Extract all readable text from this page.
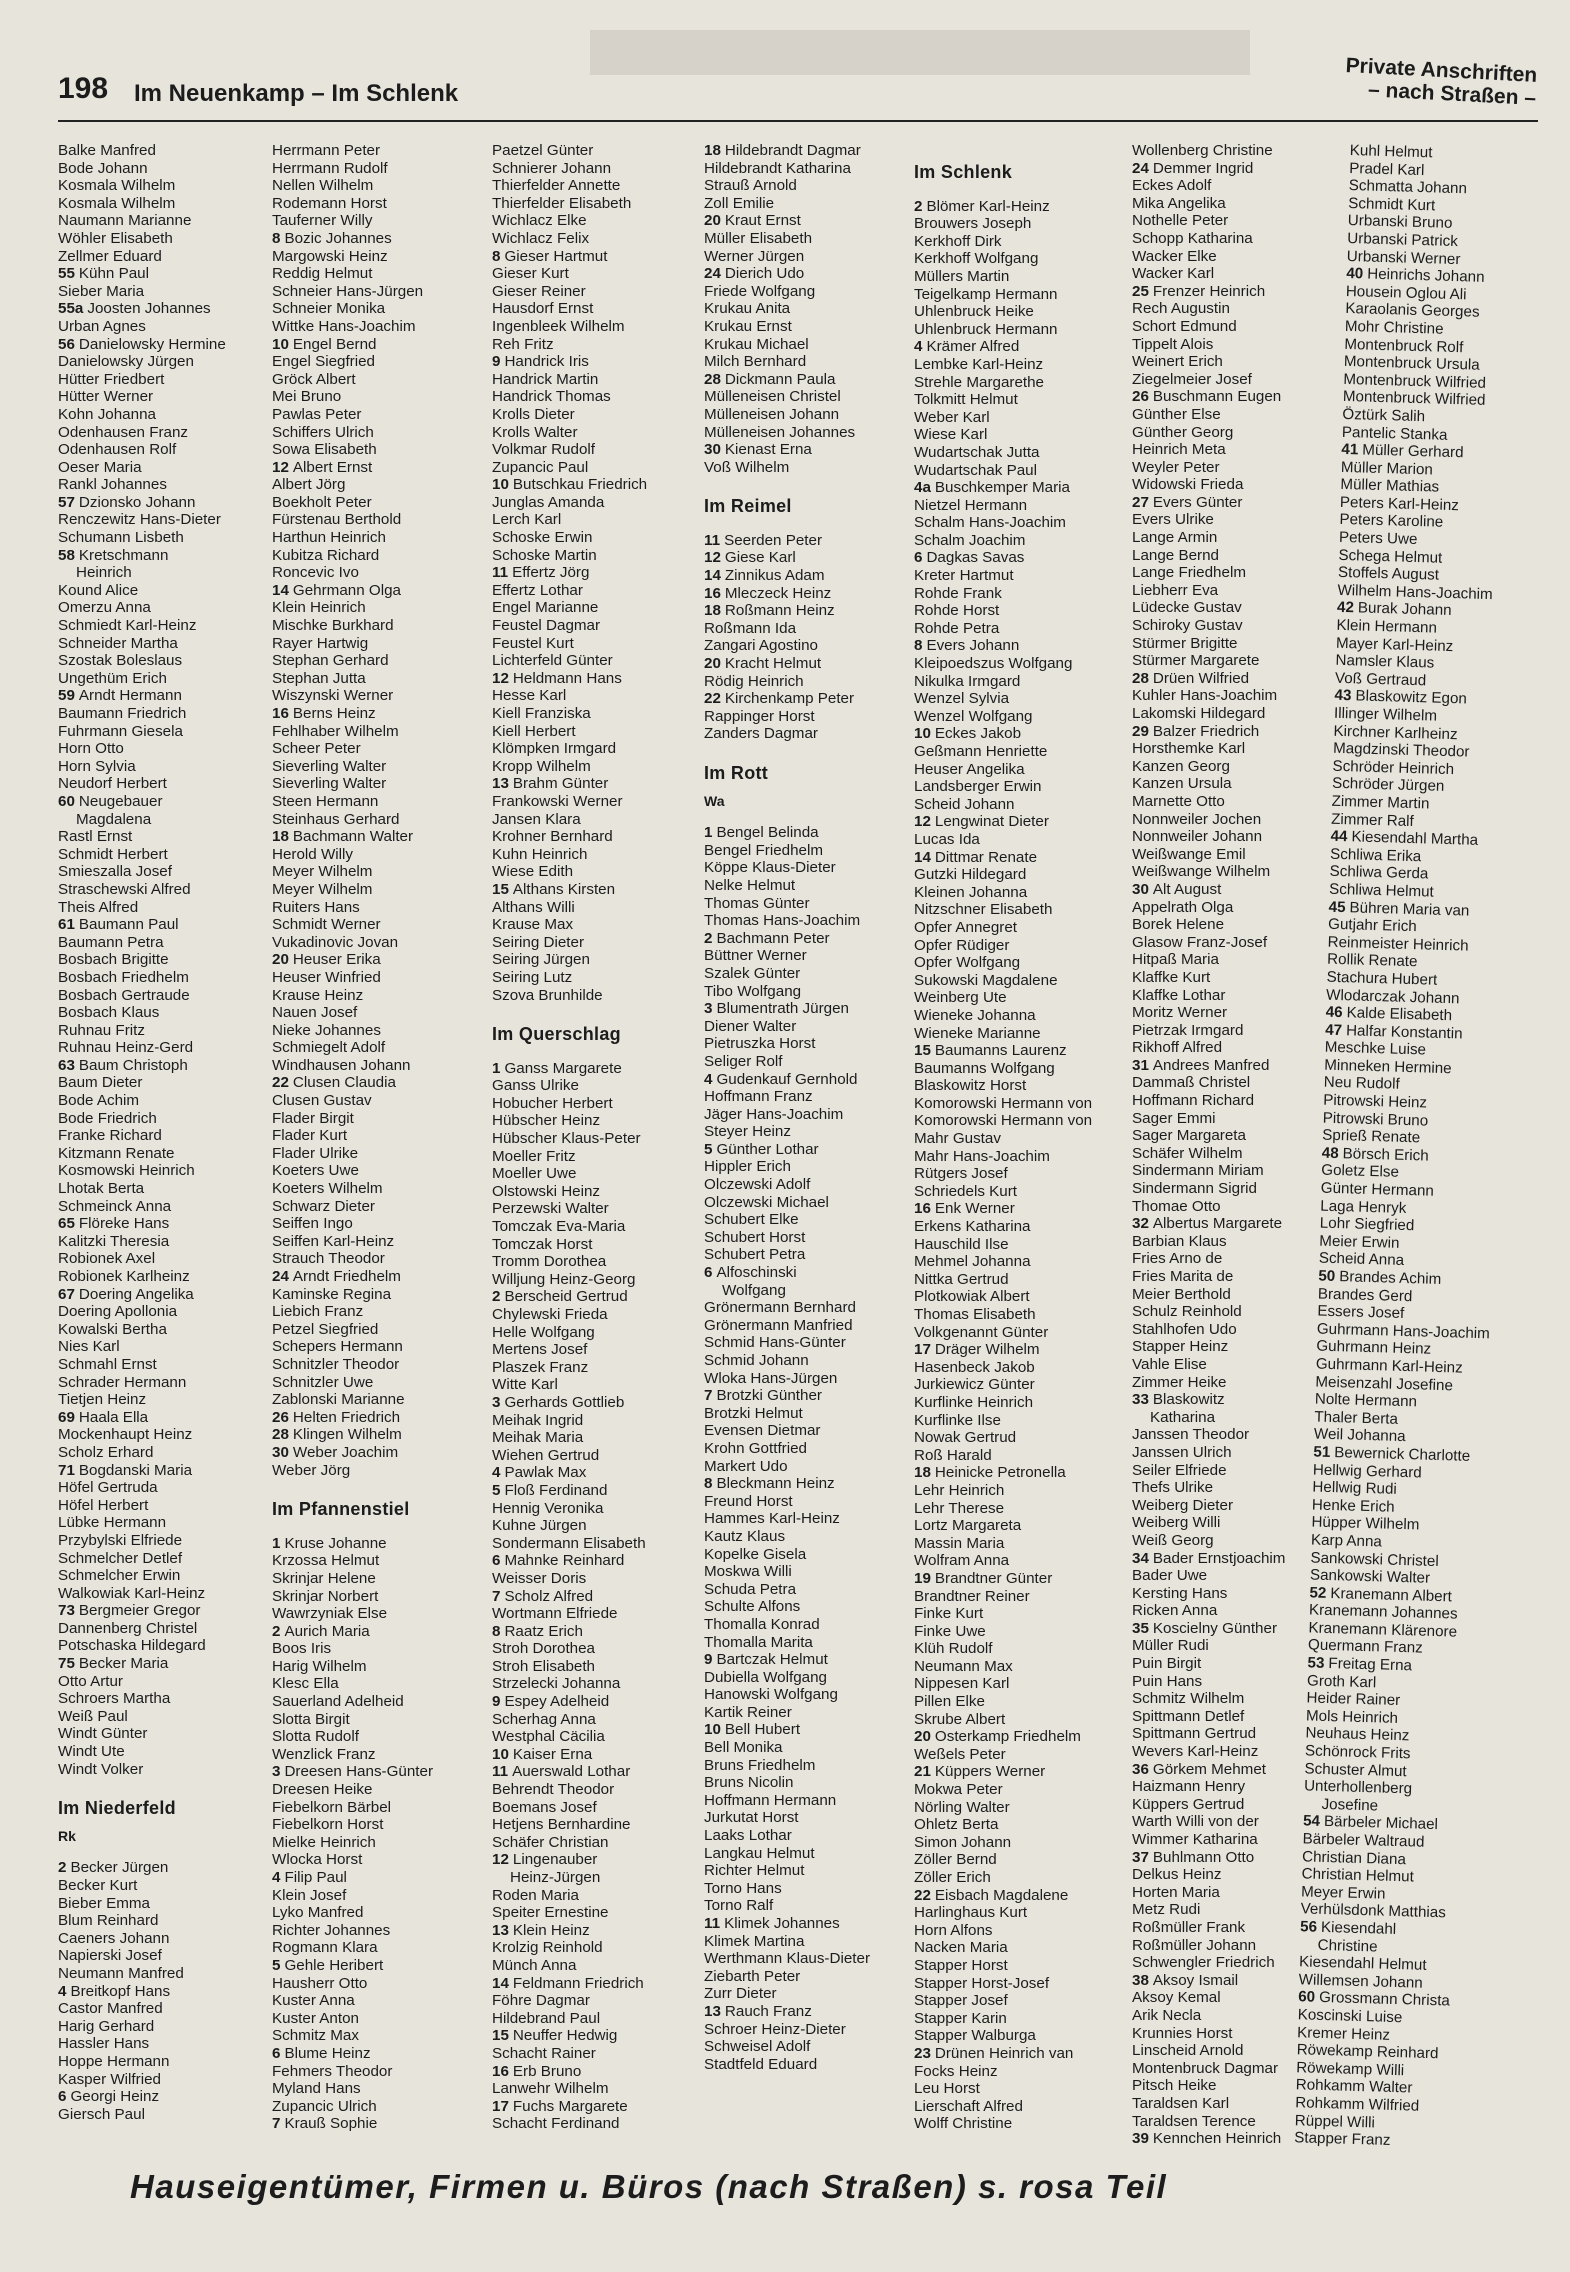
198 Im Neuenkamp – Im Schlenk
Private Anschriften
– nach Straßen –
Balke Manfred
Bode Johann
Kosmala Wilhelm
Kosmala Wilhelm
Naumann Marianne
Wöhler Elisabeth
Zellmer Eduard
55 Kühn Paul
Sieber Maria
55a Joosten Johannes
Urban Agnes
56 Danielowsky Hermine
Danielowsky Jürgen
Hütter Friedbert
Hütter Werner
Kohn Johanna
Odenhausen Franz
Odenhausen Rolf
Oeser Maria
Rankl Johannes
57 Dzionsko Johann
Renczewitz Hans-Dieter
Schumann Lisbeth
58 Kretschmann
Heinrich
Kound Alice
Omerzu Anna
Schmiedt Karl-Heinz
Schneider Martha
Szostak Boleslaus
Ungethüm Erich
59 Arndt Hermann
Baumann Friedrich
Fuhrmann Giesela
Horn Otto
Horn Sylvia
Neudorf Herbert
60 Neugebauer
Magdalena
Rastl Ernst
Schmidt Herbert
Smieszalla Josef
Straschewski Alfred
Theis Alfred
61 Baumann Paul
Baumann Petra
Bosbach Brigitte
Bosbach Friedhelm
Bosbach Gertraude
Bosbach Klaus
Ruhnau Fritz
Ruhnau Heinz-Gerd
63 Baum Christoph
Baum Dieter
Bode Achim
Bode Friedrich
Franke Richard
Kitzmann Renate
Kosmowski Heinrich
Lhotak Berta
Schmeinck Anna
65 Flöreke Hans
Kalitzki Theresia
Robionek Axel
Robionek Karlheinz
67 Doering Angelika
Doering Apollonia
Kowalski Bertha
Nies Karl
Schmahl Ernst
Schrader Hermann
Tietjen Heinz
69 Haala Ella
Mockenhaupt Heinz
Scholz Erhard
71 Bogdanski Maria
Höfel Gertruda
Höfel Herbert
Lübke Hermann
Przybylski Elfriede
Schmelcher Detlef
Schmelcher Erwin
Walkowiak Karl-Heinz
73 Bergmeier Gregor
Dannenberg Christel
Potschaska Hildegard
75 Becker Maria
Otto Artur
Schroers Martha
Weiß Paul
Windt Günter
Windt Ute
Windt Volker
Im Niederfeld
Rk
2 Becker Jürgen
Becker Kurt
Bieber Emma
Blum Reinhard
Caeners Johann
Napierski Josef
Neumann Manfred
4 Breitkopf Hans
Castor Manfred
Harig Gerhard
Hassler Hans
Hoppe Hermann
Kasper Wilfried
6 Georgi Heinz
Giersch Paul
Herrmann Peter
Herrmann Rudolf
Nellen Wilhelm
Rodemann Horst
Tauferner Willy
8 Bozic Johannes
Margowski Heinz
Reddig Helmut
Schneier Hans-Jürgen
Schneier Monika
Wittke Hans-Joachim
10 Engel Bernd
Engel Siegfried
Gröck Albert
Mei Bruno
Pawlas Peter
Schiffers Ulrich
Sowa Elisabeth
12 Albert Ernst
Albert Jörg
Boekholt Peter
Fürstenau Berthold
Harthun Heinrich
Kubitza Richard
Roncevic Ivo
14 Gehrmann Olga
Klein Heinrich
Mischke Burkhard
Rayer Hartwig
Stephan Gerhard
Stephan Jutta
Wiszynski Werner
16 Berns Heinz
Fehlhaber Wilhelm
Scheer Peter
Sieverling Walter
Sieverling Walter
Steen Hermann
Steinhaus Gerhard
18 Bachmann Walter
Herold Willy
Meyer Wilhelm
Meyer Wilhelm
Ruiters Hans
Schmidt Werner
Vukadinovic Jovan
20 Heuser Erika
Heuser Winfried
Krause Heinz
Nauen Josef
Nieke Johannes
Schmiegelt Adolf
Windhausen Johann
22 Clusen Claudia
Clusen Gustav
Flader Birgit
Flader Kurt
Flader Ulrike
Koeters Uwe
Koeters Wilhelm
Schwarz Dieter
Seiffen Ingo
Seiffen Karl-Heinz
Strauch Theodor
24 Arndt Friedhelm
Kaminske Regina
Liebich Franz
Petzel Siegfried
Schepers Hermann
Schnitzler Theodor
Schnitzler Uwe
Zablonski Marianne
26 Helten Friedrich
28 Klingen Wilhelm
30 Weber Joachim
Weber Jörg
Im Pfannenstiel
1 Kruse Johanne
Krzossa Helmut
Skrinjar Helene
Skrinjar Norbert
Wawrzyniak Else
2 Aurich Maria
Boos Iris
Harig Wilhelm
Klesc Ella
Sauerland Adelheid
Slotta Birgit
Slotta Rudolf
Wenzlick Franz
3 Dreesen Hans-Günter
Dreesen Heike
Fiebelkorn Bärbel
Fiebelkorn Horst
Mielke Heinrich
Wlocka Horst
4 Filip Paul
Klein Josef
Lyko Manfred
Richter Johannes
Rogmann Klara
5 Gehle Heribert
Hausherr Otto
Kuster Anna
Kuster Anton
Schmitz Max
6 Blume Heinz
Fehmers Theodor
Myland Hans
Zupancic Ulrich
7 Krauß Sophie
Paetzel Günter
Schnierer Johann
Thierfelder Annette
Thierfelder Elisabeth
Wichlacz Elke
Wichlacz Felix
8 Gieser Hartmut
Gieser Kurt
Gieser Reiner
Hausdorf Ernst
Ingenbleek Wilhelm
Reh Fritz
9 Handrick Iris
Handrick Martin
Handrick Thomas
Krolls Dieter
Krolls Walter
Volkmar Rudolf
Zupancic Paul
10 Butschkau Friedrich
Junglas Amanda
Lerch Karl
Schoske Erwin
Schoske Martin
11 Effertz Jörg
Effertz Lothar
Engel Marianne
Feustel Dagmar
Feustel Kurt
Lichterfeld Günter
12 Heldmann Hans
Hesse Karl
Kiell Franziska
Kiell Herbert
Klömpken Irmgard
Kropp Wilhelm
13 Brahm Günter
Frankowski Werner
Jansen Klara
Krohner Bernhard
Kuhn Heinrich
Wiese Edith
15 Althans Kirsten
Althans Willi
Krause Max
Seiring Dieter
Seiring Jürgen
Seiring Lutz
Szova Brunhilde
Im Querschlag
1 Ganss Margarete
Ganss Ulrike
Hobucher Herbert
Hübscher Heinz
Hübscher Klaus-Peter
Moeller Fritz
Moeller Uwe
Olstowski Heinz
Perzewski Walter
Tomczak Eva-Maria
Tomczak Horst
Tromm Dorothea
Willjung Heinz-Georg
2 Berscheid Gertrud
Chylewski Frieda
Helle Wolfgang
Mertens Josef
Plaszek Franz
Witte Karl
3 Gerhards Gottlieb
Meihak Ingrid
Meihak Maria
Wiehen Gertrud
4 Pawlak Max
5 Floß Ferdinand
Hennig Veronika
Kuhne Jürgen
Sondermann Elisabeth
6 Mahnke Reinhard
Weisser Doris
7 Scholz Alfred
Wortmann Elfriede
8 Raatz Erich
Stroh Dorothea
Stroh Elisabeth
Strzelecki Johanna
9 Espey Adelheid
Scherhag Anna
Westphal Cäcilia
10 Kaiser Erna
11 Auerswald Lothar
Behrendt Theodor
Boemans Josef
Hetjens Bernhardine
Schäfer Christian
12 Lingenauber
Heinz-Jürgen
Roden Maria
Speiter Ernestine
13 Klein Heinz
Krolzig Reinhold
Münch Anna
14 Feldmann Friedrich
Föhre Dagmar
Hildebrand Paul
15 Neuffer Hedwig
Schacht Rainer
16 Erb Bruno
Lanwehr Wilhelm
17 Fuchs Margarete
Schacht Ferdinand
18 Hildebrandt Dagmar
Hildebrandt Katharina
Strauß Arnold
Zoll Emilie
20 Kraut Ernst
Müller Elisabeth
Werner Jürgen
24 Dierich Udo
Friede Wolfgang
Krukau Anita
Krukau Ernst
Krukau Michael
Milch Bernhard
28 Dickmann Paula
Mülleneisen Christel
Mülleneisen Johann
Mülleneisen Johannes
30 Kienast Erna
Voß Wilhelm
Im Reimel
11 Seerden Peter
12 Giese Karl
14 Zinnikus Adam
16 Mleczeck Heinz
18 Roßmann Heinz
Roßmann Ida
Zangari Agostino
20 Kracht Helmut
Rödig Heinrich
22 Kirchenkamp Peter
Rappinger Horst
Zanders Dagmar
Im Rott
Wa
1 Bengel Belinda
Bengel Friedhelm
Köppe Klaus-Dieter
Nelke Helmut
Thomas Günter
Thomas Hans-Joachim
2 Bachmann Peter
Büttner Werner
Szalek Günter
Tibo Wolfgang
3 Blumentrath Jürgen
Diener Walter
Pietruszka Horst
Seliger Rolf
4 Gudenkauf Gernhold
Hoffmann Franz
Jäger Hans-Joachim
Steyer Heinz
5 Günther Lothar
Hippler Erich
Olczewski Adolf
Olczewski Michael
Schubert Elke
Schubert Horst
Schubert Petra
6 Alfoschinski
Wolfgang
Grönermann Bernhard
Grönermann Manfried
Schmid Hans-Günter
Schmid Johann
Wloka Hans-Jürgen
7 Brotzki Günther
Brotzki Helmut
Evensen Dietmar
Krohn Gottfried
Markert Udo
8 Bleckmann Heinz
Freund Horst
Hammes Karl-Heinz
Kautz Klaus
Kopelke Gisela
Moskwa Willi
Schuda Petra
Schulte Alfons
Thomalla Konrad
Thomalla Marita
9 Bartczak Helmut
Dubiella Wolfgang
Hanowski Wolfgang
Kartik Reiner
10 Bell Hubert
Bell Monika
Bruns Friedhelm
Bruns Nicolin
Hoffmann Hermann
Jurkutat Horst
Laaks Lothar
Langkau Helmut
Richter Helmut
Torno Hans
Torno Ralf
11 Klimek Johannes
Klimek Martina
Werthmann Klaus-Dieter
Ziebarth Peter
Zurr Dieter
13 Rauch Franz
Schroer Heinz-Dieter
Schweisel Adolf
Stadtfeld Eduard
Im Schlenk
2 Blömer Karl-Heinz
Brouwers Joseph
Kerkhoff Dirk
Kerkhoff Wolfgang
Müllers Martin
Teigelkamp Hermann
Uhlenbruck Heike
Uhlenbruck Hermann
4 Krämer Alfred
Lembke Karl-Heinz
Strehle Margarethe
Tolkmitt Helmut
Weber Karl
Wiese Karl
Wudartschak Jutta
Wudartschak Paul
4a Buschkemper Maria
Nietzel Hermann
Schalm Hans-Joachim
Schalm Joachim
6 Dagkas Savas
Kreter Hartmut
Rohde Frank
Rohde Horst
Rohde Petra
8 Evers Johann
Kleipoedszus Wolfgang
Nikulka Irmgard
Wenzel Sylvia
Wenzel Wolfgang
10 Eckes Jakob
Geßmann Henriette
Heuser Angelika
Landsberger Erwin
Scheid Johann
12 Lengwinat Dieter
Lucas Ida
14 Dittmar Renate
Gutzki Hildegard
Kleinen Johanna
Nitzschner Elisabeth
Opfer Annegret
Opfer Rüdiger
Opfer Wolfgang
Sukowski Magdalene
Weinberg Ute
Wieneke Johanna
Wieneke Marianne
15 Baumanns Laurenz
Baumanns Wolfgang
Blaskowitz Horst
Komorowski Hermann von
Komorowski Hermann von
Mahr Gustav
Mahr Hans-Joachim
Rütgers Josef
Schriedels Kurt
16 Enk Werner
Erkens Katharina
Hauschild Ilse
Mehmel Johanna
Nittka Gertrud
Plotkowiak Albert
Thomas Elisabeth
Volkgenannt Günter
17 Dräger Wilhelm
Hasenbeck Jakob
Jurkiewicz Günter
Kurflinke Heinrich
Kurflinke Ilse
Nowak Gertrud
Roß Harald
18 Heinicke Petronella
Lehr Heinrich
Lehr Therese
Lortz Margareta
Massin Maria
Wolfram Anna
19 Brandtner Günter
Brandtner Reiner
Finke Kurt
Finke Uwe
Klüh Rudolf
Neumann Max
Nippesen Karl
Pillen Elke
Skrube Albert
20 Osterkamp Friedhelm
Weßels Peter
21 Küppers Werner
Mokwa Peter
Nörling Walter
Ohletz Berta
Simon Johann
Zöller Bernd
Zöller Erich
22 Eisbach Magdalene
Harlinghaus Kurt
Horn Alfons
Nacken Maria
Stapper Horst
Stapper Horst-Josef
Stapper Josef
Stapper Karin
Stapper Walburga
23 Drünen Heinrich van
Focks Heinz
Leu Horst
Lierschaft Alfred
Wolff Christine
Wollenberg Christine
24 Demmer Ingrid
Eckes Adolf
Mika Angelika
Nothelle Peter
Schopp Katharina
Wacker Elke
Wacker Karl
25 Frenzer Heinrich
Rech Augustin
Schort Edmund
Tippelt Alois
Weinert Erich
Ziegelmeier Josef
26 Buschmann Eugen
Günther Else
Günther Georg
Heinrich Meta
Weyler Peter
Widowski Frieda
27 Evers Günter
Evers Ulrike
Lange Armin
Lange Bernd
Lange Friedhelm
Liebherr Eva
Lüdecke Gustav
Schiroky Gustav
Stürmer Brigitte
Stürmer Margarete
28 Drüen Wilfried
Kuhler Hans-Joachim
Lakomski Hildegard
29 Balzer Friedrich
Horsthemke Karl
Kanzen Georg
Kanzen Ursula
Marnette Otto
Nonnweiler Jochen
Nonnweiler Johann
Weißwange Emil
Weißwange Wilhelm
30 Alt August
Appelrath Olga
Borek Helene
Glasow Franz-Josef
Hitpaß Maria
Klaffke Kurt
Klaffke Lothar
Moritz Werner
Pietrzak Irmgard
Rikhoff Alfred
31 Andrees Manfred
Dammaß Christel
Hoffmann Richard
Sager Emmi
Sager Margareta
Schäfer Wilhelm
Sindermann Miriam
Sindermann Sigrid
Thomae Otto
32 Albertus Margarete
Barbian Klaus
Fries Arno de
Fries Marita de
Meier Berthold
Schulz Reinhold
Stahlhofen Udo
Stapper Heinz
Vahle Elise
Zimmer Heike
33 Blaskowitz
Katharina
Janssen Theodor
Janssen Ulrich
Seiler Elfriede
Thefs Ulrike
Weiberg Dieter
Weiberg Willi
Weiß Georg
34 Bader Ernstjoachim
Bader Uwe
Kersting Hans
Ricken Anna
35 Koscielny Günther
Müller Rudi
Puin Birgit
Puin Hans
Schmitz Wilhelm
Spittmann Detlef
Spittmann Gertrud
Wevers Karl-Heinz
36 Görkem Mehmet
Haizmann Henry
Küppers Gertrud
Warth Willi von der
Wimmer Katharina
37 Buhlmann Otto
Delkus Heinz
Horten Maria
Metz Rudi
Roßmüller Frank
Roßmüller Johann
Schwengler Friedrich
38 Aksoy Ismail
Aksoy Kemal
Arik Necla
Krunnies Horst
Linscheid Arnold
Montenbruck Dagmar
Pitsch Heike
Taraldsen Karl
Taraldsen Terence
39 Kennchen Heinrich
Kuhl Helmut
Pradel Karl
Schmatta Johann
Schmidt Kurt
Urbanski Bruno
Urbanski Patrick
Urbanski Werner
40 Heinrichs Johann
Housein Oglou Ali
Karaolanis Georges
Mohr Christine
Montenbruck Rolf
Montenbruck Ursula
Montenbruck Wilfried
Montenbruck Wilfried
Öztürk Salih
Pantelic Stanka
41 Müller Gerhard
Müller Marion
Müller Mathias
Peters Karl-Heinz
Peters Karoline
Peters Uwe
Schega Helmut
Stoffels August
Wilhelm Hans-Joachim
42 Burak Johann
Klein Hermann
Mayer Karl-Heinz
Namsler Klaus
Voß Gertraud
43 Blaskowitz Egon
Illinger Wilhelm
Kirchner Karlheinz
Magdzinski Theodor
Schröder Heinrich
Schröder Jürgen
Zimmer Martin
Zimmer Ralf
44 Kiesendahl Martha
Schliwa Erika
Schliwa Gerda
Schliwa Helmut
45 Bühren Maria van
Gutjahr Erich
Reinmeister Heinrich
Rollik Renate
Stachura Hubert
Wlodarczak Johann
46 Kalde Elisabeth
47 Halfar Konstantin
Meschke Luise
Minneken Hermine
Neu Rudolf
Pitrowski Heinz
Pitrowski Bruno
Sprieß Renate
48 Börsch Erich
Goletz Else
Günter Hermann
Laga Henryk
Lohr Siegfried
Meier Erwin
Scheid Anna
50 Brandes Achim
Brandes Gerd
Essers Josef
Guhrmann Hans-Joachim
Guhrmann Heinz
Guhrmann Karl-Heinz
Meisenzahl Josefine
Nolte Hermann
Thaler Berta
Weil Johanna
51 Bewernick Charlotte
Hellwig Gerhard
Hellwig Rudi
Henke Erich
Hüpper Wilhelm
Karp Anna
Sankowski Christel
Sankowski Walter
52 Kranemann Albert
Kranemann Johannes
Kranemann Klärenore
Quermann Franz
53 Freitag Erna
Groth Karl
Heider Rainer
Mols Heinrich
Neuhaus Heinz
Schönrock Frits
Schuster Almut
Unterhollenberg
Josefine
54 Bärbeler Michael
Bärbeler Waltraud
Christian Diana
Christian Helmut
Meyer Erwin
Verhülsdonk Matthias
56 Kiesendahl
Christine
Kiesendahl Helmut
Willemsen Johann
60 Grossmann Christa
Koscinski Luise
Kremer Heinz
Röwekamp Reinhard
Röwekamp Willi
Rohkamm Walter
Rohkamm Wilfried
Rüppel Willi
Stapper Franz
Hauseigentümer, Firmen u. Büros (nach Straßen) s. rosa Teil
